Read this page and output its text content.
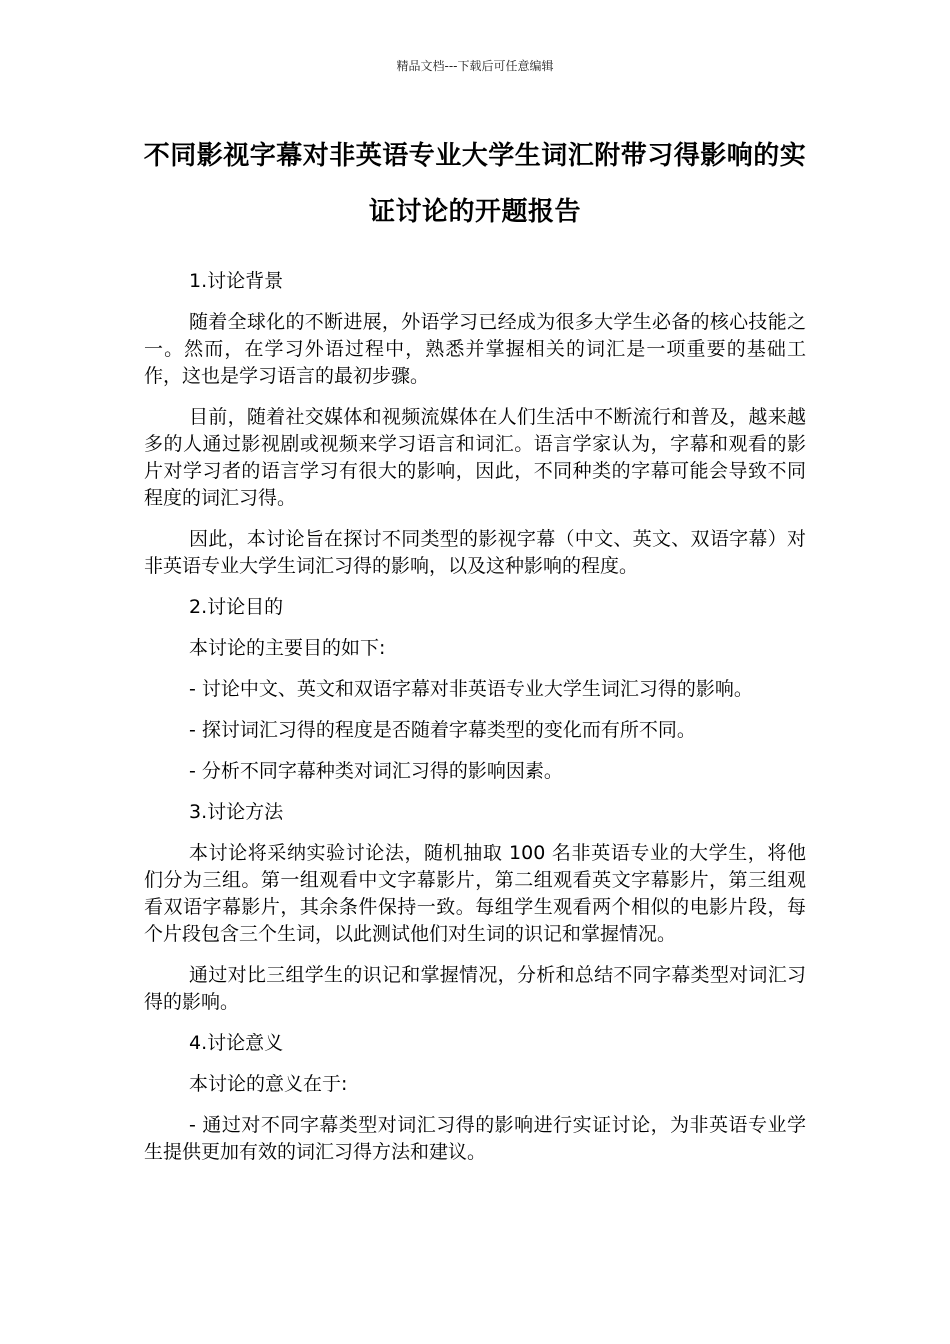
精品文档---下载后可任意编辑
不同影视字幕对非英语专业大学生词汇附带习得影响的实证讨论的开题报告

1.讨论背景

随着全球化的不断进展，外语学习已经成为很多大学生必备的核心技能之一。然而，在学习外语过程中，熟悉并掌握相关的词汇是一项重要的基础工作，这也是学习语言的最初步骤。

目前，随着社交媒体和视频流媒体在人们生活中不断流行和普及，越来越多的人通过影视剧或视频来学习语言和词汇。语言学家认为，字幕和观看的影片对学习者的语言学习有很大的影响，因此，不同种类的字幕可能会导致不同程度的词汇习得。

因此，本讨论旨在探讨不同类型的影视字幕（中文、英文、双语字幕）对非英语专业大学生词汇习得的影响，以及这种影响的程度。

2.讨论目的

本讨论的主要目的如下:

- 讨论中文、英文和双语字幕对非英语专业大学生词汇习得的影响。

- 探讨词汇习得的程度是否随着字幕类型的变化而有所不同。

- 分析不同字幕种类对词汇习得的影响因素。

3.讨论方法

本讨论将采纳实验讨论法，随机抽取 100 名非英语专业的大学生，将他们分为三组。第一组观看中文字幕影片，第二组观看英文字幕影片，第三组观看双语字幕影片，其余条件保持一致。每组学生观看两个相似的电影片段，每个片段包含三个生词，以此测试他们对生词的识记和掌握情况。

通过对比三组学生的识记和掌握情况，分析和总结不同字幕类型对词汇习得的影响。

4.讨论意义

本讨论的意义在于:

- 通过对不同字幕类型对词汇习得的影响进行实证讨论，为非英语专业学生提供更加有效的词汇习得方法和建议。
